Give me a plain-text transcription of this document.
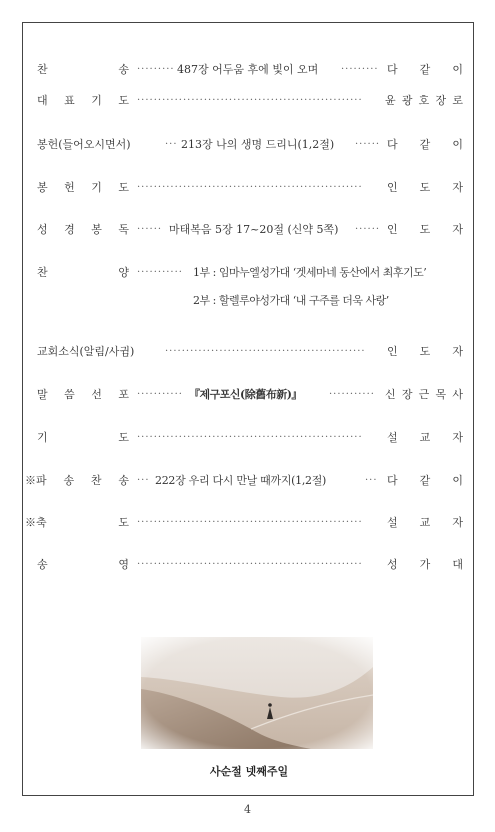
찬	송 ········· 487장 어두움 후에 빛이 오며 ········· 다 같 이
대 표 기 도 ······················································	윤 광 호 장 로
봉헌(들어오시면서)	··· 213장 나의 생명 드리니(1,2절) ······ 다 같 이
봉 헌 기 도 ······················································	인 도 자
성 경 봉 독 ······ 마태복음 5장 17~20절 (신약 5쪽) ······ 인 도 자
찬	양 ··········· 1부 : 임마누엘성가대 ‘겟세마네 동산에서 최후기도’
2부 : 할렐루야성가대 ‘내 구주를 더욱 사랑’
교회소식(알림/사귐)	················································	인 도 자
말 씀 선 포 ··········· 『제구포신(除舊布新)』	··········· 신 장 근 목 사
기	도 ······················································	설 교 자
※파 송 찬 송 ··· 222장 우리 다시 만날 때까지(1,2절)	··· 다 같 이
※축	도 ······················································	설 교 자
송	영 ······················································	성 가 대
사순절 넷째주일
4
